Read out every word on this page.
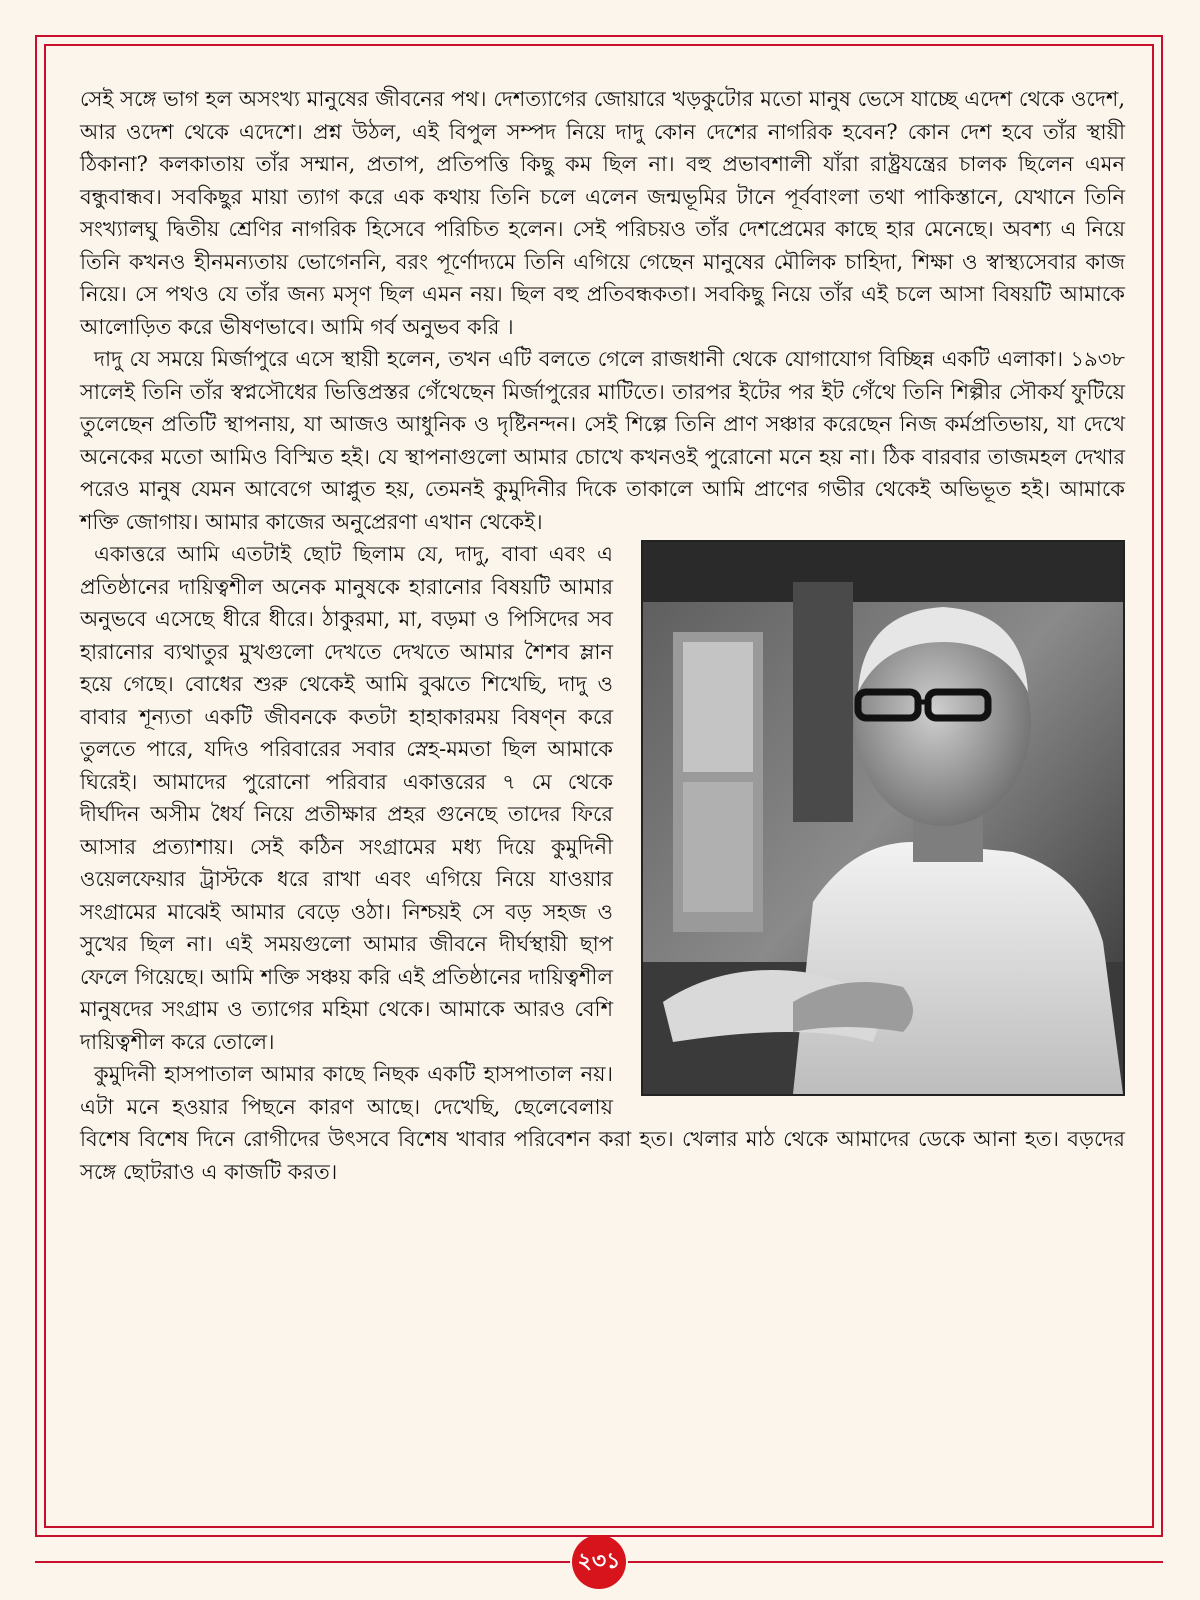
সেই সঙ্গে ভাগ হল অসংখ্য মানুষের জীবনের পথ। দেশত্যাগের জোয়ারে খড়কুটোর মতো মানুষ ভেসে যাচ্ছে এদেশ থেকে ওদেশ, আর ওদেশ থেকে এদেশে। প্রশ্ন উঠল, এই বিপুল সম্পদ নিয়ে দাদু কোন দেশের নাগরিক হবেন? কোন দেশ হবে তাঁর স্থায়ী ঠিকানা? কলকাতায় তাঁর সম্মান, প্রতাপ, প্রতিপত্তি কিছু কম ছিল না। বহু প্রভাবশালী যাঁরা রাষ্ট্রযন্ত্রের চালক ছিলেন এমন বন্ধুবান্ধব। সবকিছুর মায়া ত্যাগ করে এক কথায় তিনি চলে এলেন জন্মভূমির টানে পূর্ববাংলা তথা পাকিস্তানে, যেখানে তিনি সংখ্যালঘু দ্বিতীয় শ্রেণির নাগরিক হিসেবে পরিচিত হলেন। সেই পরিচয়ও তাঁর দেশপ্রেমের কাছে হার মেনেছে। অবশ্য এ নিয়ে তিনি কখনও হীনমন্যতায় ভোগেননি, বরং পূর্ণোদ্যমে তিনি এগিয়ে গেছেন মানুষের মৌলিক চাহিদা, শিক্ষা ও স্বাস্থ্যসেবার কাজ নিয়ে। সে পথও যে তাঁর জন্য মসৃণ ছিল এমন নয়। ছিল বহু প্রতিবন্ধকতা। সবকিছু নিয়ে তাঁর এই চলে আসা বিষয়টি আমাকে আলোড়িত করে ভীষণভাবে। আমি গর্ব অনুভব করি ।

দাদু যে সময়ে মির্জাপুরে এসে স্থায়ী হলেন, তখন এটি বলতে গেলে রাজধানী থেকে যোগাযোগ বিচ্ছিন্ন একটি এলাকা। ১৯৩৮ সালেই তিনি তাঁর স্বপ্নসৌধের ভিত্তিপ্রস্তর গেঁথেছেন মির্জাপুরের মাটিতে। তারপর ইটের পর ইট গেঁথে তিনি শিল্পীর সৌকর্য ফুটিয়ে তুলেছেন প্রতিটি স্থাপনায়, যা আজও আধুনিক ও দৃষ্টিনন্দন। সেই শিল্পে তিনি প্রাণ সঞ্চার করেছেন নিজ কর্মপ্রতিভায়, যা দেখে অনেকের মতো আমিও বিস্মিত হই। যে স্থাপনাগুলো আমার চোখে কখনওই পুরোনো মনে হয় না। ঠিক বারবার তাজমহল দেখার পরেও মানুষ যেমন আবেগে আপ্লুত হয়, তেমনই কুমুদিনীর দিকে তাকালে আমি প্রাণের গভীর থেকেই অভিভূত হই। আমাকে শক্তি জোগায়। আমার কাজের অনুপ্রেরণা এখান থেকেই।

একাত্তরে আমি এতটাই ছোট ছিলাম যে, দাদু, বাবা এবং এ প্রতিষ্ঠানের দায়িত্বশীল অনেক মানুষকে হারানোর বিষয়টি আমার অনুভবে এসেছে ধীরে ধীরে। ঠাকুরমা, মা, বড়মা ও পিসিদের সব হারানোর ব্যথাতুর মুখগুলো দেখতে দেখতে আমার শৈশব ম্লান হয়ে গেছে। বোধের শুরু থেকেই আমি বুঝতে শিখেছি, দাদু ও বাবার শূন্যতা একটি জীবনকে কতটা হাহাকারময় বিষণ্ন করে তুলতে পারে, যদিও পরিবারের সবার স্নেহ-মমতা ছিল আমাকে ঘিরেই। আমাদের পুরোনো পরিবার একাত্তরের ৭ মে থেকে দীর্ঘদিন অসীম ধৈর্য নিয়ে প্রতীক্ষার প্রহর গুনেছে তাদের ফিরে আসার প্রত্যাশায়। সেই কঠিন সংগ্রামের মধ্য দিয়ে কুমুদিনী ওয়েলফেয়ার ট্রাস্টকে ধরে রাখা এবং এগিয়ে নিয়ে যাওয়ার সংগ্রামের মাঝেই আমার বেড়ে ওঠা। নিশ্চয়ই সে বড় সহজ ও সুখের ছিল না। এই সময়গুলো আমার জীবনে দীর্ঘস্থায়ী ছাপ ফেলে গিয়েছে। আমি শক্তি সঞ্চয় করি এই প্রতিষ্ঠানের দায়িত্বশীল মানুষদের সংগ্রাম ও ত্যাগের মহিমা থেকে। আমাকে আরও বেশি দায়িত্বশীল করে তোলে।

কুমুদিনী হাসপাতাল আমার কাছে নিছক একটি হাসপাতাল নয়। এটা মনে হওয়ার পিছনে কারণ আছে। দেখেছি, ছেলেবেলায় বিশেষ বিশেষ দিনে রোগীদের উৎসবে বিশেষ খাবার পরিবেশন করা হত। খেলার মাঠ থেকে আমাদের ডেকে আনা হত। বড়দের সঙ্গে ছোটরাও এ কাজটি করত।

২৩১
